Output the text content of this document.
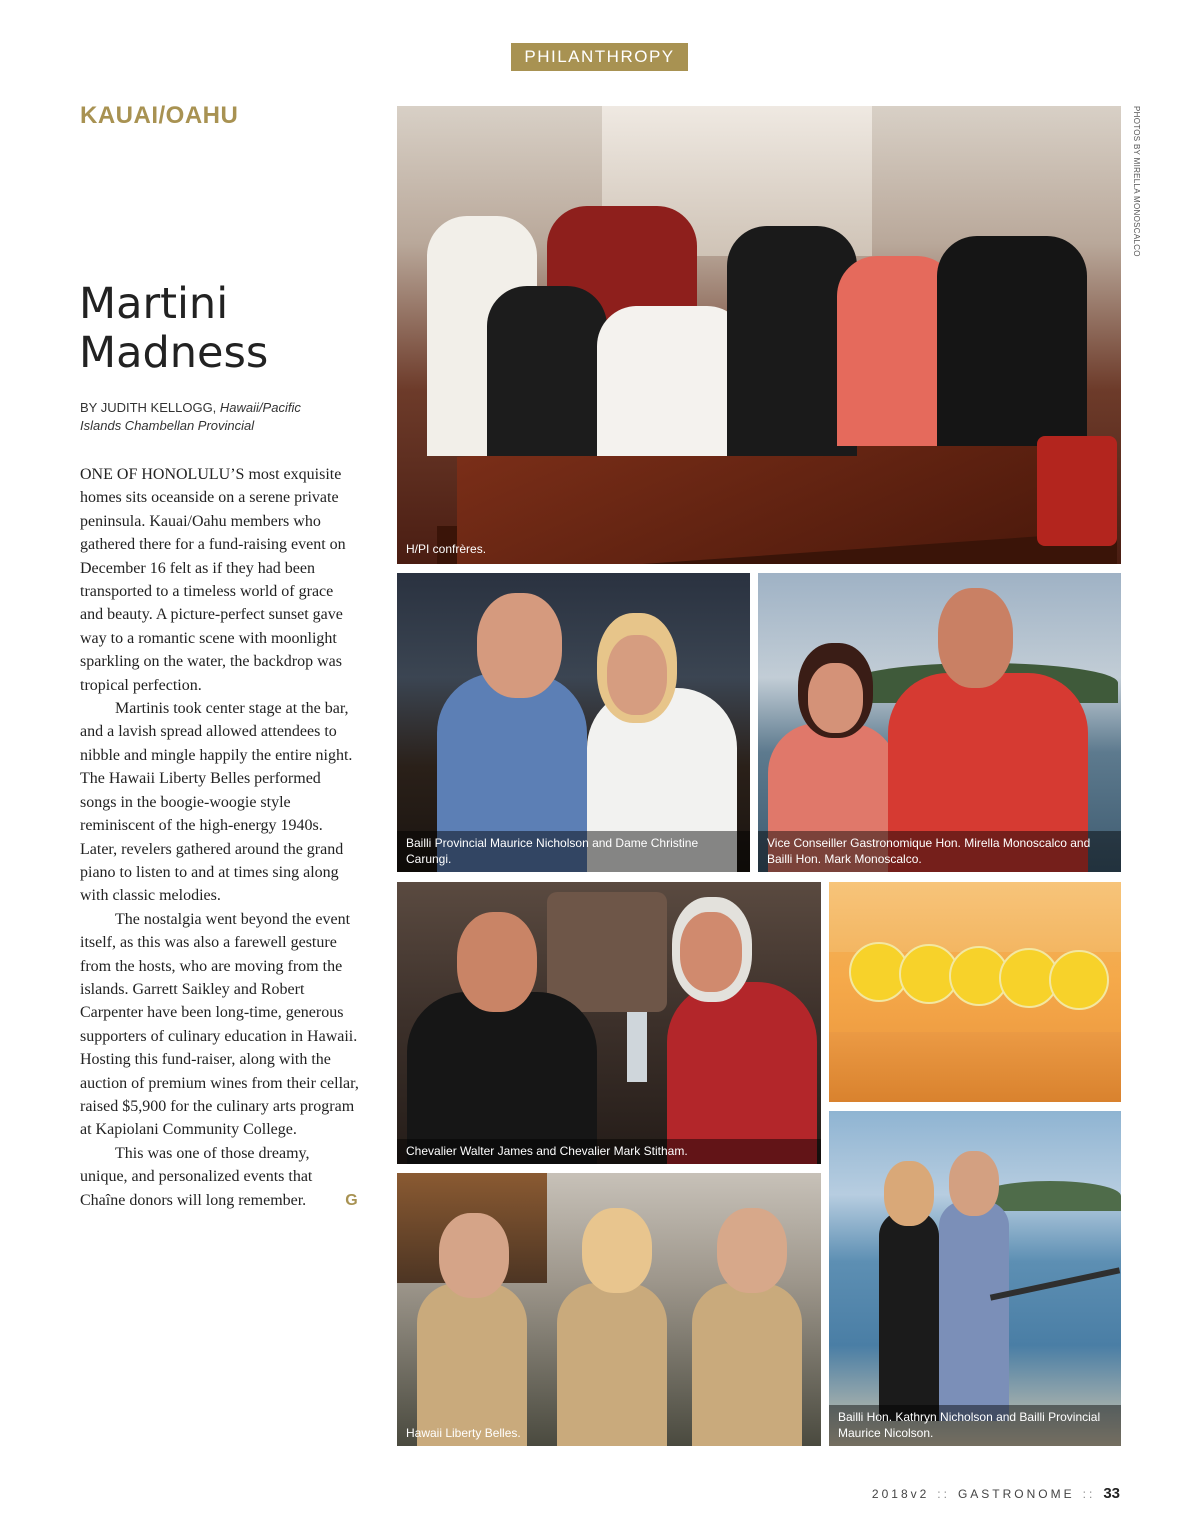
PHILANTHROPY
KAUAI/OAHU
Martini
Madness
BY JUDITH KELLOGG, Hawaii/Pacific Islands Chambellan Provincial

ONE OF HONOLULU’S most exquisite homes sits oceanside on a serene private peninsula. Kauai/Oahu members who gathered there for a fund-raising event on December 16 felt as if they had been transported to a timeless world of grace and beauty. A picture-perfect sunset gave way to a romantic scene with moonlight sparkling on the water, the backdrop was tropical perfection.

Martinis took center stage at the bar, and a lavish spread allowed attendees to nibble and mingle happily the entire night. The Hawaii Liberty Belles performed songs in the boogie-woogie style reminiscent of the high-energy 1940s. Later, revelers gathered around the grand piano to listen to and at times sing along with classic melodies.

The nostalgia went beyond the event itself, as this was also a farewell gesture from the hosts, who are moving from the islands. Garrett Saikley and Robert Carpenter have been long-time, generous supporters of culinary education in Hawaii. Hosting this fund-raiser, along with the auction of premium wines from their cellar, raised $5,900 for the culinary arts program at Kapiolani Community College.

This was one of those dreamy, unique, and personalized events that Chaîne donors will long remember. G

PHOTOS BY MIRELLA MONOSCALCO
H/PI confrères.
Bailli Provincial Maurice Nicholson and Dame Christine Carungi.
Vice Conseiller Gastronomique Hon. Mirella Monoscalco and Bailli Hon. Mark Monoscalco.
Chevalier Walter James and Chevalier Mark Stitham.
Hawaii Liberty Belles.
Bailli Hon. Kathryn Nicholson and Bailli Provincial Maurice Nicolson.
2018v2 :: GASTRONOME :: 33
